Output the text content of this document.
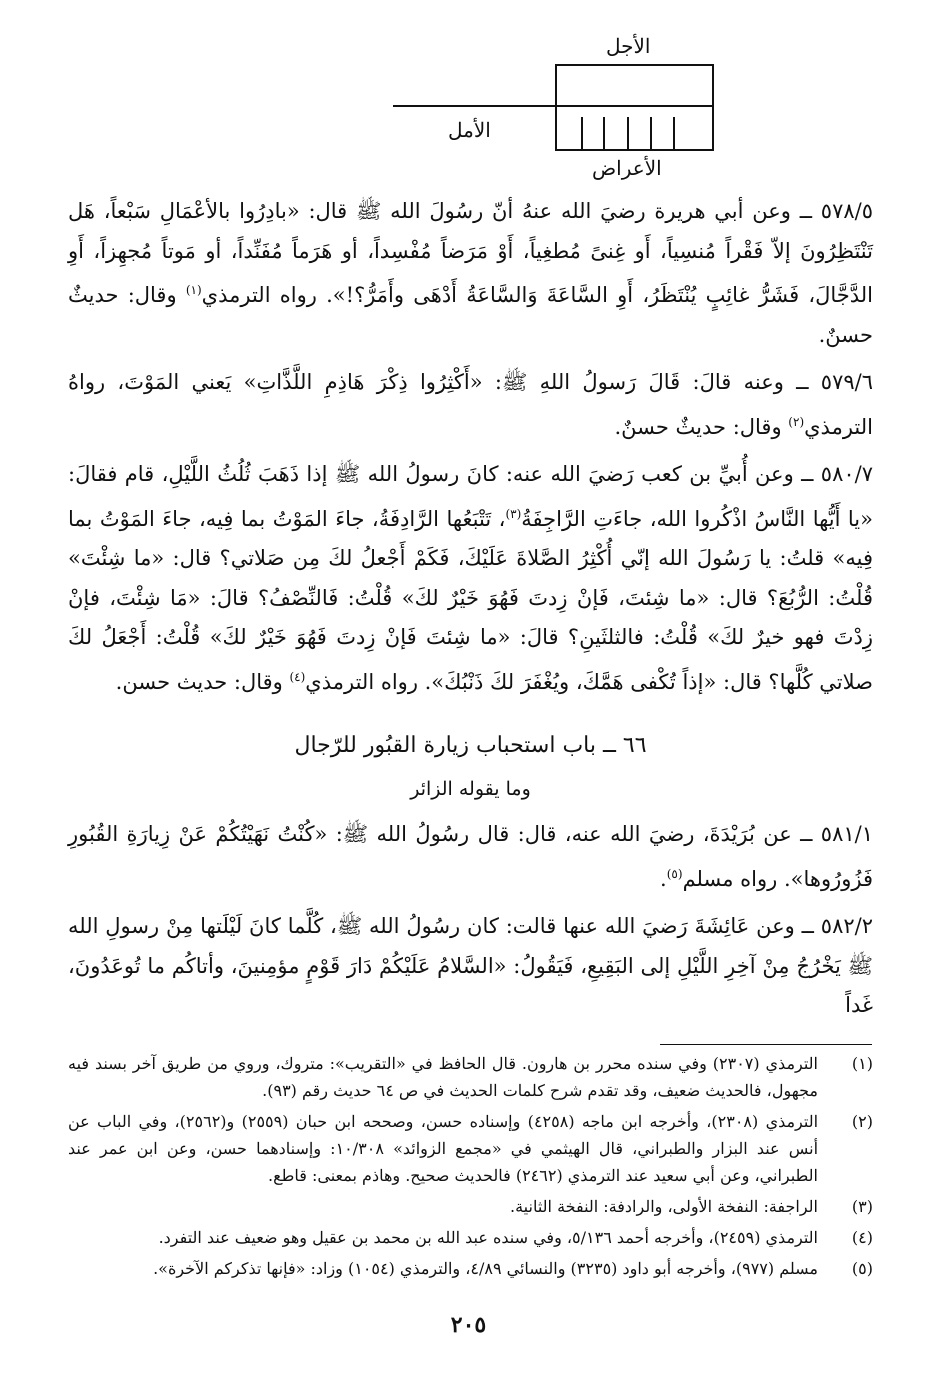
الأجل
الأمل
الأعراض

٥٧٨/٥ ــ وعن أبي هريرة رضيَ الله عنهُ أنّ رسُولَ الله ﷺ قال: «بادِرُوا بالأعْمَالِ سَبْعاً، هَل تَنْتَظِرُونَ إلاّ فَقْراً مُنسِياً، أَو غِنىً مُطغِياً، أَوْ مَرَضاً مُفْسِداً، أو هَرَماً مُفَنِّداً، أو مَوتاً مُجهِزاً، أَوِ الدَّجَّالَ، فَشَرُّ غائِبٍ يُنْتَظَرُ، أَوِ السَّاعَةَ وَالسَّاعَةُ أَدْهَى وأَمَرُّ؟!». رواه الترمذي$^{(١)}$ وقال: حديثٌ حسنٌ.

٥٧٩/٦ ــ وعنه قالَ: قَالَ رَسولُ اللهِ ﷺ: «أَكْثِرُوا ذِكْرَ هَاذِمِ اللَّذَّاتِ» يَعني المَوْتَ، رواهُ الترمذي$^{(٢)}$ وقال: حديثٌ حسنٌ.

٥٨٠/٧ ــ وعن أُبيِّ بن كعب رَضيَ الله عنه: كانَ رسولُ الله ﷺ إذا ذَهَبَ ثُلُثُ اللَّيْلِ، قام فقالَ: «يا أَيُّها النَّاسُ اذْكُروا الله، جاءَتِ الرَّاجِفَةُ$^{(٣)}$، تَتْبَعُها الرَّادِفَةُ، جاءَ المَوْتُ بما فِيه، جاءَ المَوْتُ بما فِيه» قلتُ: يا رَسُولَ الله إنّي أُكْثِرُ الصَّلاةَ عَلَيْكَ، فَكَمْ أَجْعلُ لكَ مِن صَلاتي؟ قال: «ما شِئْتَ» قُلْتُ: الرُّبُعَ؟ قال: «ما شِئتَ، فَإنْ زِدتَ فَهُوَ خَيْرٌ لكَ» قُلْتُ: فَالنِّصْفُ؟ قالَ: «مَا شِئْتَ، فإنْ زِدْتَ فهو خيرٌ لكَ» قُلْتُ: فالثلثَينِ؟ قالَ: «ما شِئتَ فَإنْ زِدتَ فَهُوَ خَيْرٌ لكَ» قُلْتُ: أَجْعَلُ لكَ صلاتي كُلَّها؟ قال: «إذاً تُكْفى هَمَّكَ، ويُغْفَرَ لكَ ذَنْبُكَ». رواه الترمذي$^{(٤)}$ وقال: حديث حسن.

٦٦ ــ باب استحباب زيارة القبُور للرّجال
وما يقوله الزائر

٥٨١/١ ــ عن بُرَيْدَةَ، رضيَ الله عنه، قال: قال رسُولُ الله ﷺ: «كُنْتُ نَهَيْتُكُمْ عَنْ زِيارَةِ القُبُورِ فَزُورُوها». رواه مسلم$^{(٥)}$.

٥٨٢/٢ ــ وعن عَائِشَةَ رَضيَ الله عنها قالت: كان رسُولُ الله ﷺ، كُلَّما كانَ لَيْلَتها مِنْ رسولِ الله ﷺ يَخْرُجُ مِنْ آخِرِ اللَّيْلِ إلى البَقِيعِ، فَيَقُولُ: «السَّلامُ عَلَيْكُمْ دَارَ قَوْمٍ مؤمِنينَ، وأتاكُم ما تُوعَدُونَ، غَداً

(١)
الترمذي (٢٣٠٧) وفي سنده محرر بن هارون. قال الحافظ في «التقريب»: متروك، وروي من طريق آخر بسند فيه مجهول، فالحديث ضعيف، وقد تقدم شرح كلمات الحديث في ص ٦٤ حديث رقم (٩٣).
(٢)
الترمذي (٢٣٠٨)، وأخرجه ابن ماجه (٤٢٥٨) وإسناده حسن، وصححه ابن حبان (٢٥٥٩) و(٢٥٦٢)، وفي الباب عن أنس عند البزار والطبراني، قال الهيثمي في «مجمع الزوائد» ١٠/٣٠٨: وإسنادهما حسن، وعن ابن عمر عند الطبراني، وعن أبي سعيد عند الترمذي (٢٤٦٢) فالحديث صحيح. وهاذم بمعنى: قاطع.
(٣)
الراجفة: النفخة الأولى، والرادفة: النفخة الثانية.
(٤)
الترمذي (٢٤٥٩)، وأخرجه أحمد ٥/١٣٦، وفي سنده عبد الله بن محمد بن عقيل وهو ضعيف عند التفرد.
(٥)
مسلم (٩٧٧)، وأخرجه أبو داود (٣٢٣٥) والنسائي ٤/٨٩، والترمذي (١٠٥٤) وزاد: «فإنها تذكركم الآخرة».
٢٠٥
